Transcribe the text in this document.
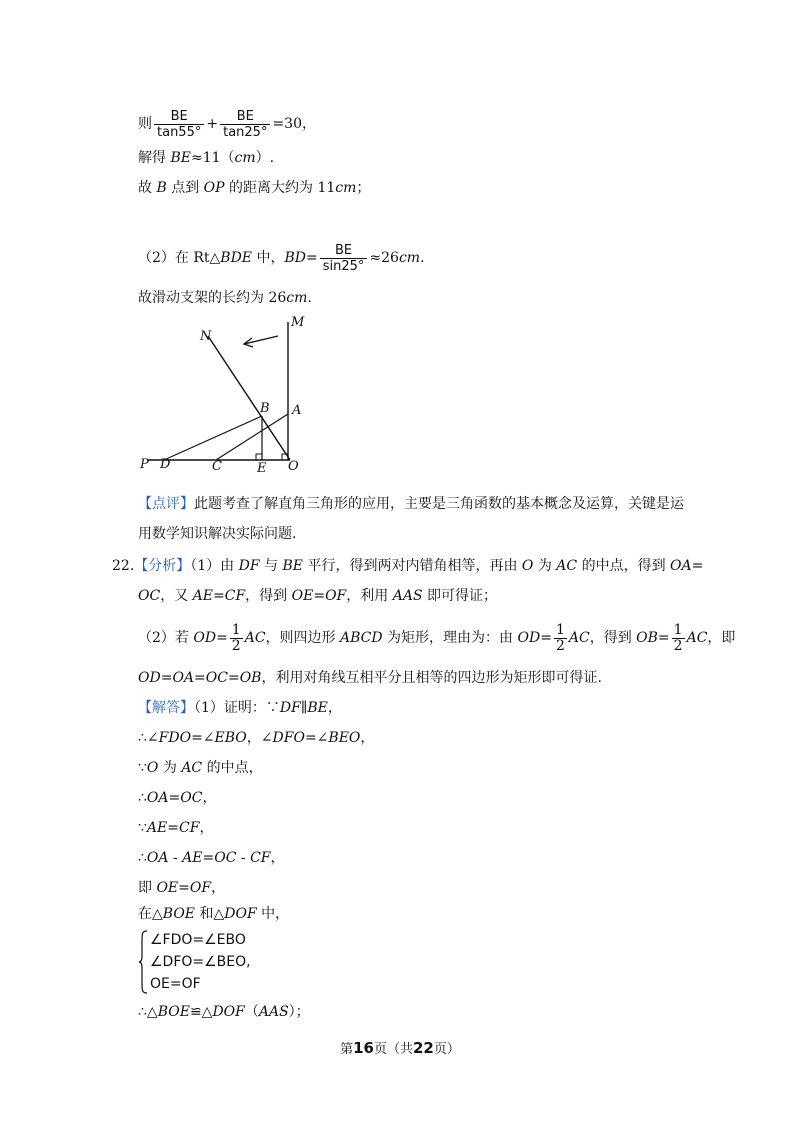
则 $\frac{BE}{\tan 55^\circ} + \frac{BE}{\tan 25^\circ} =30$，
解得 BE≈11（cm）.
故 B 点到 OP 的距离大约为 11cm；
（2）在 Rt△BDE 中，$BD= \frac{BE}{\sin 25^\circ} \approx 26cm$.
故滑动支架的长约为 26cm.
N
M
B A
P D	C	E O
【点评】此题考查了解直角三角形的应用，主要是三角函数的基本概念及运算，关键是运
用数学知识解决实际问题.
22.【分析】（1）由 DF 与 BE 平行，得到两对内错角相等，再由 O 为 AC 的中点，得到 OA=
OC，又 AE=CF，得到 OE=OF，利用 AAS 即可得证；
（2）若 $OD= \frac{1}{2}$ AC，则四边形 ABCD 为矩形，理由为：由 $OD= \frac{1}{2}$ AC，得到 $OB= \frac{1}{2}$ AC，即
OD=OA=OC=OB，利用对角线互相平分且相等的四边形为矩形即可得证.
【解答】（1）证明：∵DF∥BE，
∴∠FDO=∠EBO，∠DFO=∠BEO，
∵O 为 AC 的中点，
∴OA=OC，
∵AE=CF，
∴OA - AE=OC - CF，
即 OE=OF，
在△BOE 和△DOF 中，
∠FDO=∠EBO
∠DFO=∠BEO,
OE=OF
∴△BOE≌△DOF（AAS）；
第16页（共22页）
